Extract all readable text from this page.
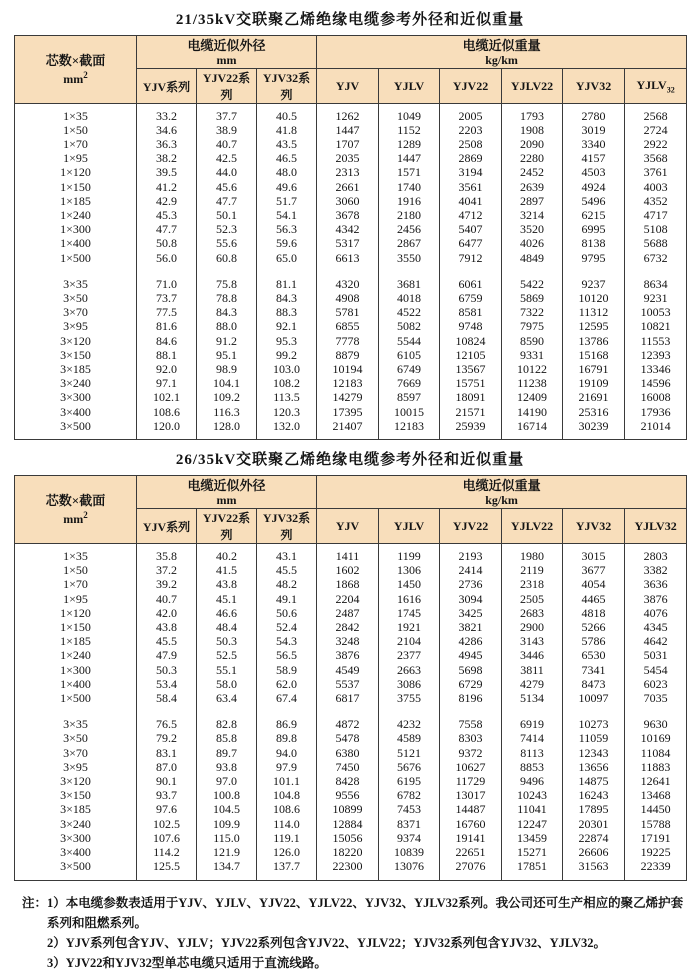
21/35kV交联聚乙烯绝缘电缆参考外径和近似重量
芯数×截面
$mm^2$

电缆近似外径
mm

电缆近似重量
kg/km

	YJV系列	YJV22系列	YJV32系列	YJV	YJLV	YJV22	YJLV22	YJV32	$YJLV_{32}$

1×35	33.2	37.7	40.5	1262	1049	2005	1793	2780	2568
1×50	34.6	38.9	41.8	1447	1152	2203	1908	3019	2724
1×70	36.3	40.7	43.5	1707	1289	2508	2090	3340	2922
1×95	38.2	42.5	46.5	2035	1447	2869	2280	4157	3568
1×120	39.5	44.0	48.0	2313	1571	3194	2452	4503	3761
1×150	41.2	45.6	49.6	2661	1740	3561	2639	4924	4003
1×185	42.9	47.7	51.7	3060	1916	4041	2897	5496	4352
1×240	45.3	50.1	54.1	3678	2180	4712	3214	6215	4717
1×300	47.7	52.3	56.3	4342	2456	5407	3520	6995	5108
1×400	50.8	55.6	59.6	5317	2867	6477	4026	8138	5688
1×500	56.0	60.8	65.0	6613	3550	7912	4849	9795	6732

3×35	71.0	75.8	81.1	4320	3681	6061	5422	9237	8634
3×50	73.7	78.8	84.3	4908	4018	6759	5869	10120	9231
3×70	77.5	84.3	88.3	5781	4522	8581	7322	11312	10053
3×95	81.6	88.0	92.1	6855	5082	9748	7975	12595	10821
3×120	84.6	91.2	95.3	7778	5544	10824	8590	13786	11553
3×150	88.1	95.1	99.2	8879	6105	12105	9331	15168	12393
3×185	92.0	98.9	103.0	10194	6749	13567	10122	16791	13346
3×240	97.1	104.1	108.2	12183	7669	15751	11238	19109	14596
3×300	102.1	109.2	113.5	14279	8597	18091	12409	21691	16008
3×400	108.6	116.3	120.3	17395	10015	21571	14190	25316	17936
3×500	120.0	128.0	132.0	21407	12183	25939	16714	30239	21014

26/35kV交联聚乙烯绝缘电缆参考外径和近似重量
芯数×截面
$mm^2$

电缆近似外径
mm

电缆近似重量
kg/km

	YJV系列	YJV22系列	YJV32系列	YJV	YJLV	YJV22	YJLV22	YJV32	YJLV32

1×35	35.8	40.2	43.1	1411	1199	2193	1980	3015	2803
1×50	37.2	41.5	45.5	1602	1306	2414	2119	3677	3382
1×70	39.2	43.8	48.2	1868	1450	2736	2318	4054	3636
1×95	40.7	45.1	49.1	2204	1616	3094	2505	4465	3876
1×120	42.0	46.6	50.6	2487	1745	3425	2683	4818	4076
1×150	43.8	48.4	52.4	2842	1921	3821	2900	5266	4345
1×185	45.5	50.3	54.3	3248	2104	4286	3143	5786	4642
1×240	47.9	52.5	56.5	3876	2377	4945	3446	6530	5031
1×300	50.3	55.1	58.9	4549	2663	5698	3811	7341	5454
1×400	53.4	58.0	62.0	5537	3086	6729	4279	8473	6023
1×500	58.4	63.4	67.4	6817	3755	8196	5134	10097	7035

3×35	76.5	82.8	86.9	4872	4232	7558	6919	10273	9630
3×50	79.2	85.8	89.8	5478	4589	8303	7414	11059	10169
3×70	83.1	89.7	94.0	6380	5121	9372	8113	12343	11084
3×95	87.0	93.8	97.9	7450	5676	10627	8853	13656	11883
3×120	90.1	97.0	101.1	8428	6195	11729	9496	14875	12641
3×150	93.7	100.8	104.8	9556	6782	13017	10243	16243	13468
3×185	97.6	104.5	108.6	10899	7453	14487	11041	17895	14450
3×240	102.5	109.9	114.0	12884	8371	16760	12247	20301	15788
3×300	107.6	115.0	119.1	15056	9374	19141	13459	22874	17191
3×400	114.2	121.9	126.0	18220	10839	22651	15271	26606	19225
3×500	125.5	134.7	137.7	22300	13076	27076	17851	31563	22339

注： 1）本电缆参数表适用于YJV、YJLV、YJV22、YJLV22、YJV32、YJLV32系列。我公司还可生产相应的聚乙烯护套系列和阻燃系列。
2）YJV系列包含YJV、YJLV；YJV22系列包含YJV22、YJLV22；YJV32系列包含YJV32、YJLV32。
3）YJV22和YJV32型单芯电缆只适用于直流线路。
